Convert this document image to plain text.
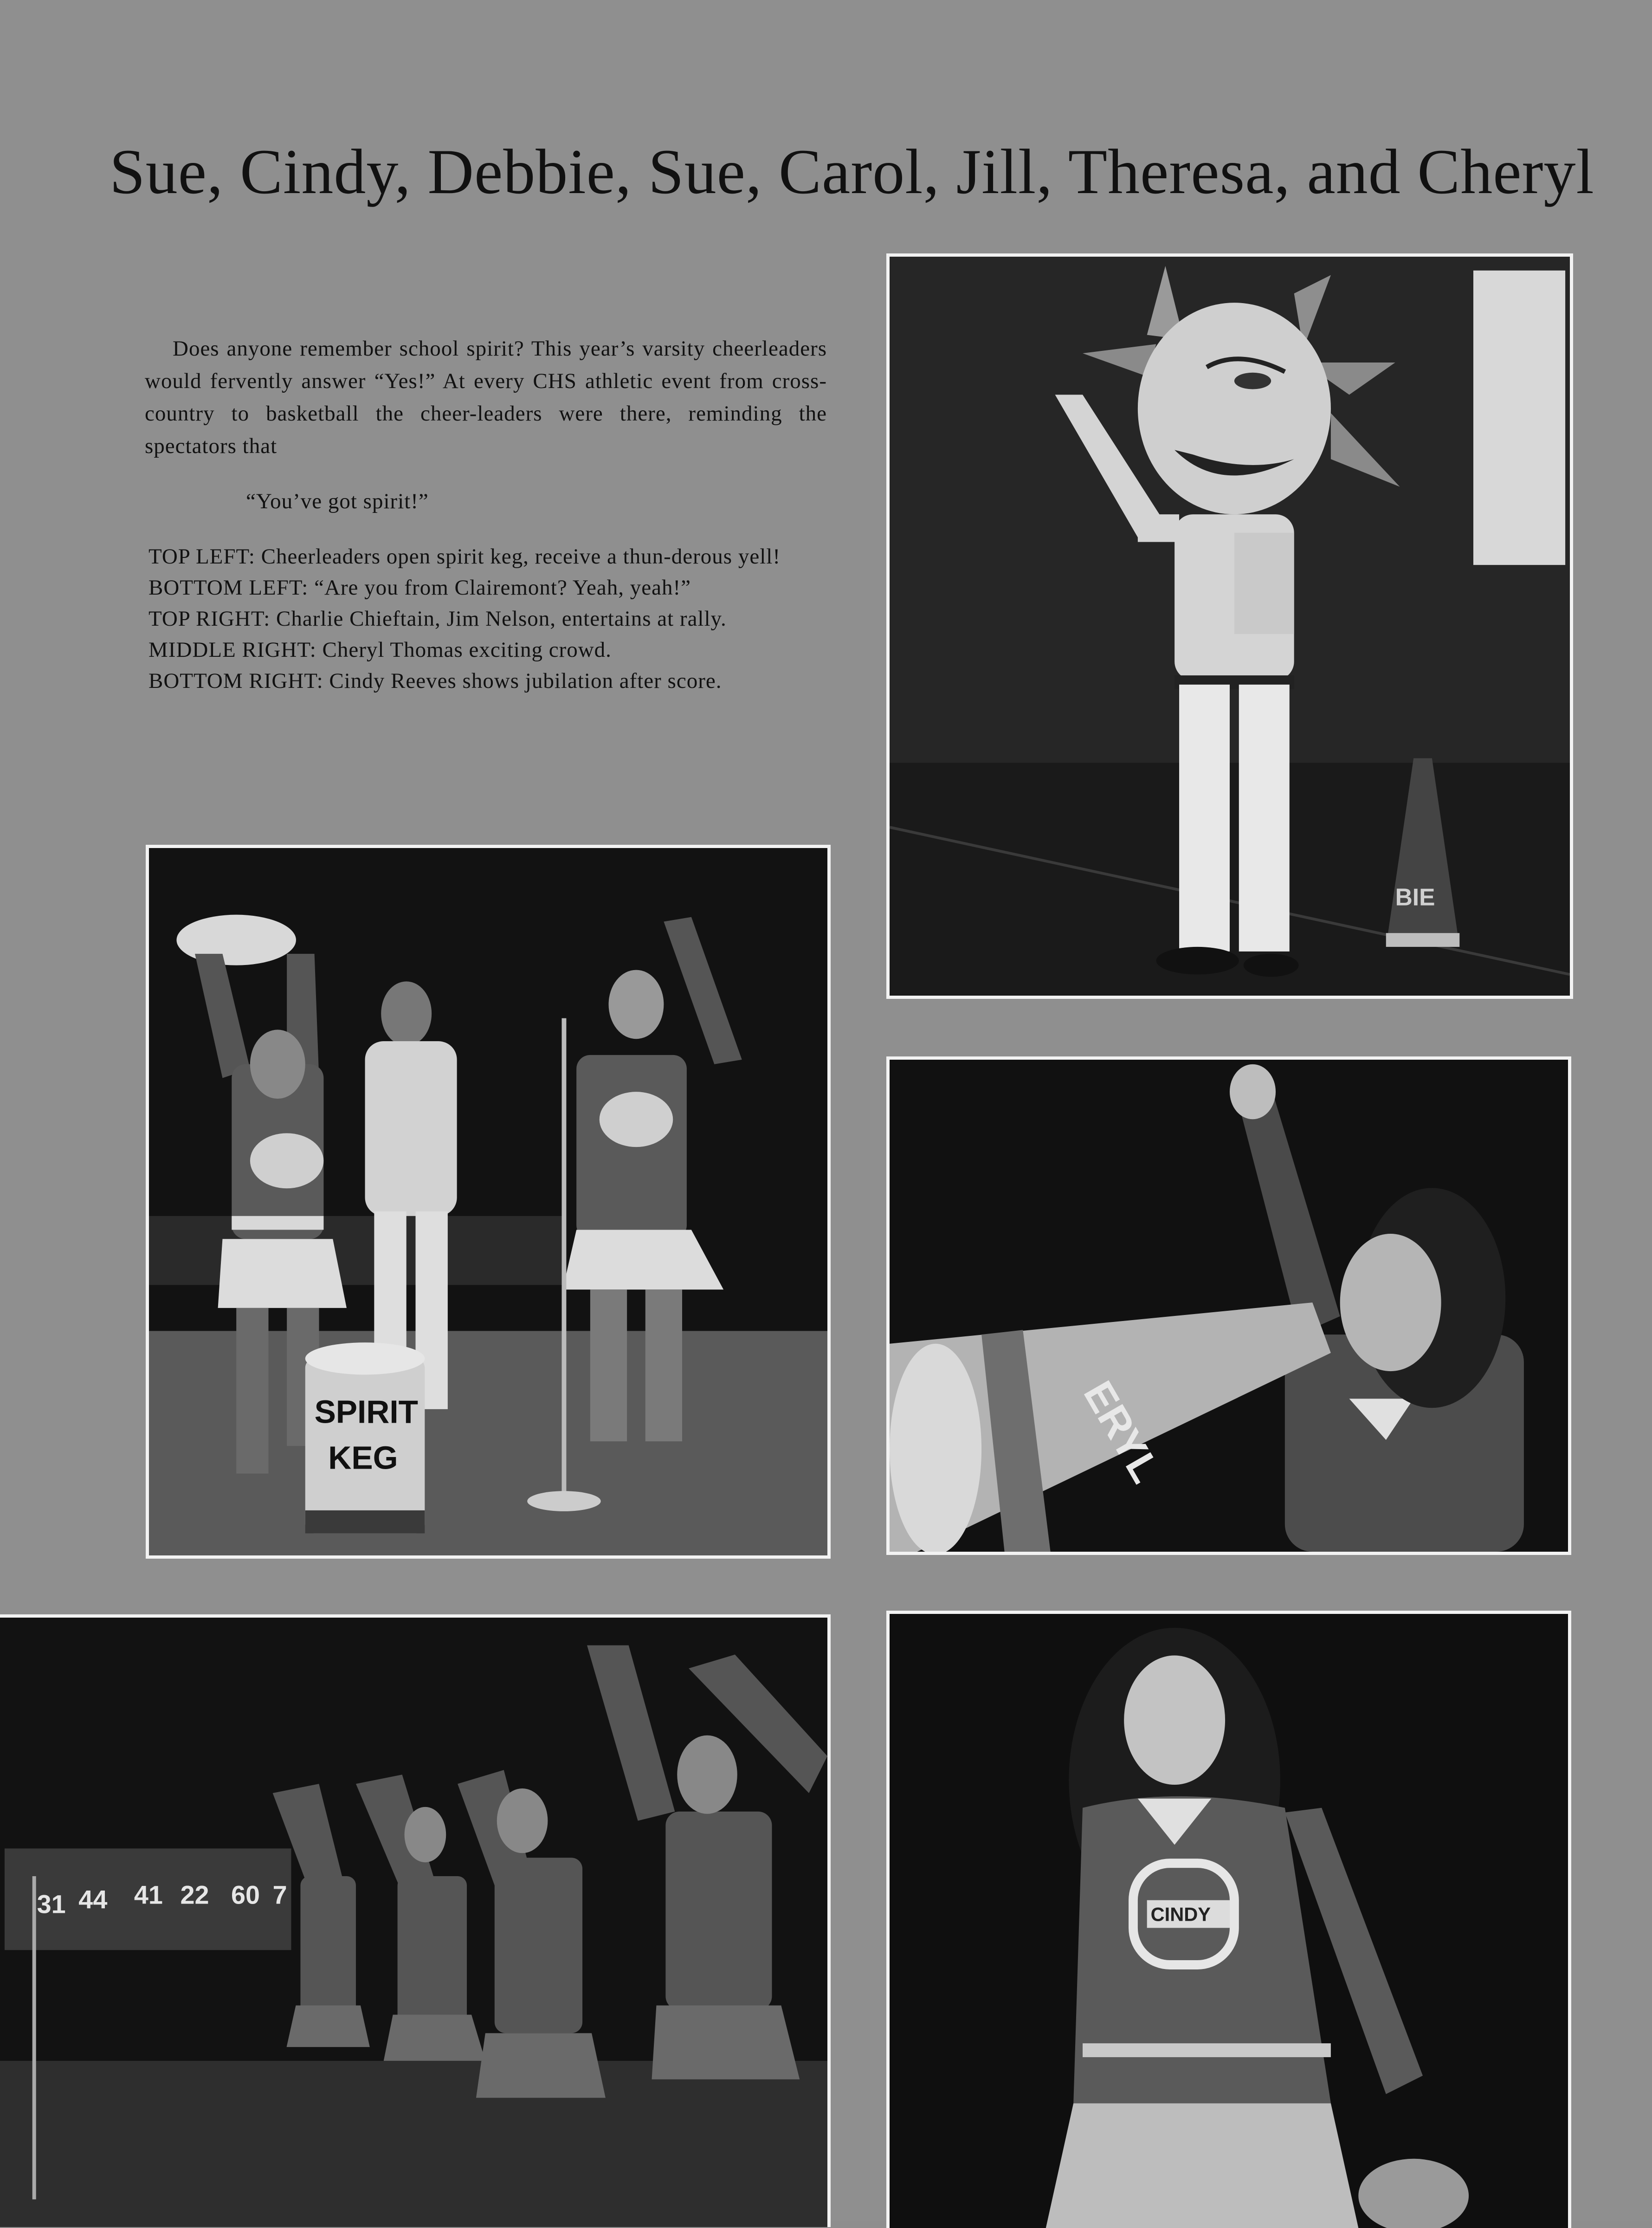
Sue, Cindy, Debbie, Sue, Carol, Jill, Theresa, and Cheryl

Does anyone remember school spirit? This year’s varsity cheerleaders would fervently answer “Yes!” At every CHS athletic event from cross-country to basketball the cheer-leaders were there, reminding the spectators that

“You’ve got spirit!”
TOP LEFT: Cheerleaders open spirit keg, receive a thun-derous yell!
BOTTOM LEFT: “Are you from Clairemont? Yeah, yeah!”
TOP RIGHT: Charlie Chieftain, Jim Nelson, entertains at rally.
MIDDLE RIGHT: Cheryl Thomas exciting crowd.
BOTTOM RIGHT: Cindy Reeves shows jubilation after score.
BIE
SPIRIT
KEG	ERYL
31 44 41 22 60 7
CINDY
